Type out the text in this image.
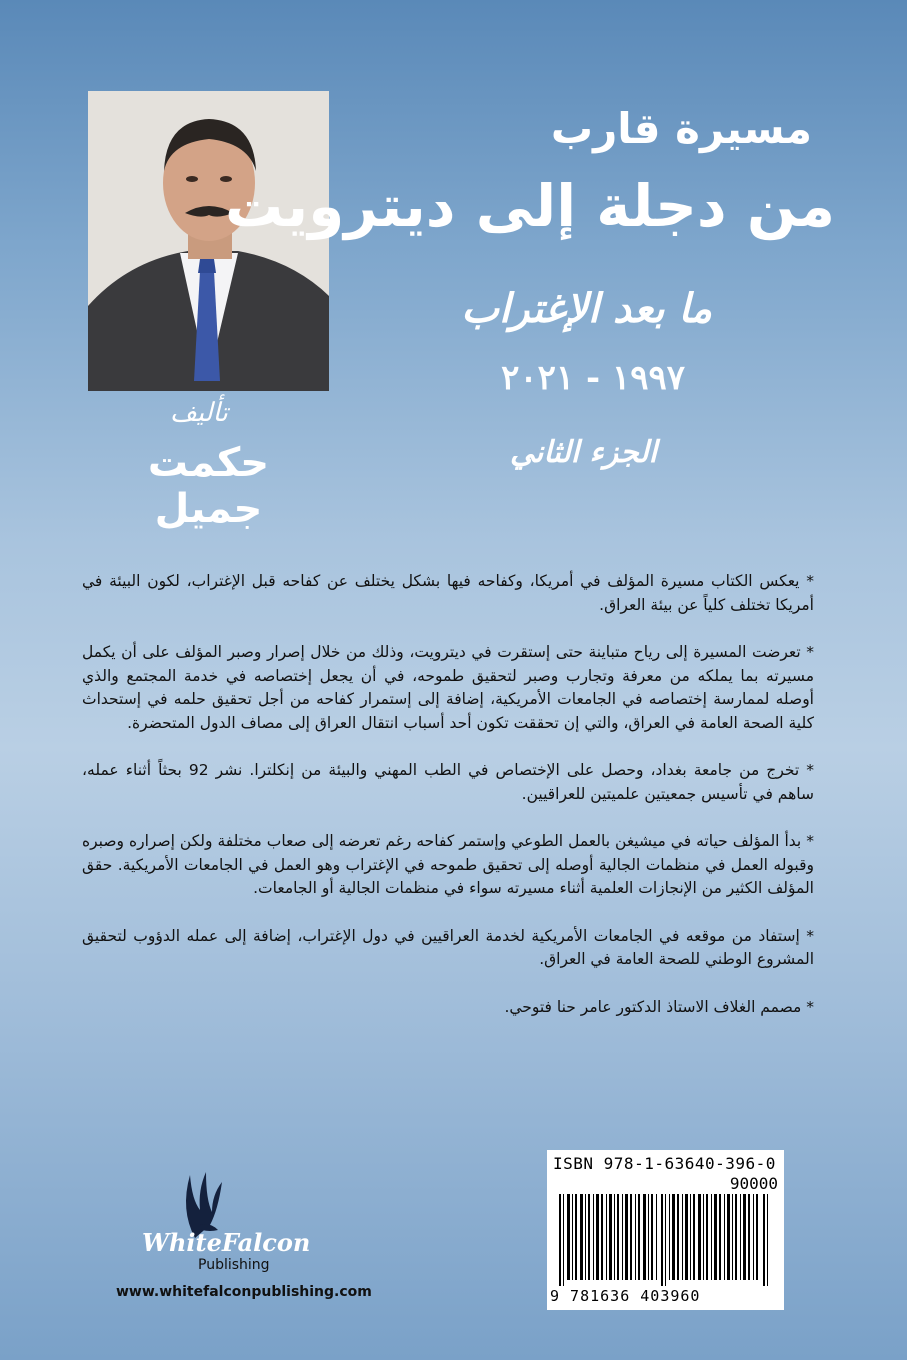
مسيرة قارب
من دجلة إلى ديترويت
ما بعد الإغتراب
١٩٩٧ - ٢٠٢١
الجزء الثاني
تأليف
حكمت جميل

* يعكس الكتاب مسيرة المؤلف في أمريكا، وكفاحه فيها بشكل يختلف عن كفاحه قبل الإغتراب، لكون البيئة في أمريكا تختلف كلياً عن بيئة العراق.

* تعرضت المسيرة إلى رياح متباينة حتى إستقرت في ديترويت، وذلك من خلال إصرار وصبر المؤلف على أن يكمل مسيرته بما يملكه من معرفة وتجارب وصبر لتحقيق طموحه، في أن يجعل إختصاصه في خدمة المجتمع والذي أوصله لممارسة إختصاصه في الجامعات الأمريكية، إضافة إلى إستمرار كفاحه من أجل تحقيق حلمه في إستحداث كلية الصحة العامة في العراق، والتي إن تحققت تكون أحد أسباب انتقال العراق إلى مصاف الدول المتحضرة.

* تخرج من جامعة بغداد، وحصل على الإختصاص في الطب المهني والبيئة من إنكلترا. نشر 92 بحثاً أثناء عمله، ساهم في تأسيس جمعيتين علميتين للعراقيين.

* بدأ المؤلف حياته في ميشيغن بالعمل الطوعي وإستمر كفاحه رغم تعرضه إلى صعاب مختلفة ولكن إصراره وصبره وقبوله العمل في منظمات الجالية أوصله إلى تحقيق طموحه في الإغتراب وهو العمل في الجامعات الأمريكية. حقق المؤلف الكثير من الإنجازات العلمية أثناء مسيرته سواء في منظمات الجالية أو الجامعات.

* إستفاد من موقعه في الجامعات الأمريكية لخدمة العراقيين في دول الإغتراب، إضافة إلى عمله الدؤوب لتحقيق المشروع الوطني للصحة العامة في العراق.

* مصمم الغلاف الاستاذ الدكتور عامر حنا فتوحي.

WhiteFalcon
Publishing
www.whitefalconpublishing.com
ISBN 978-1-63640-396-0
90000
9 781636 403960
